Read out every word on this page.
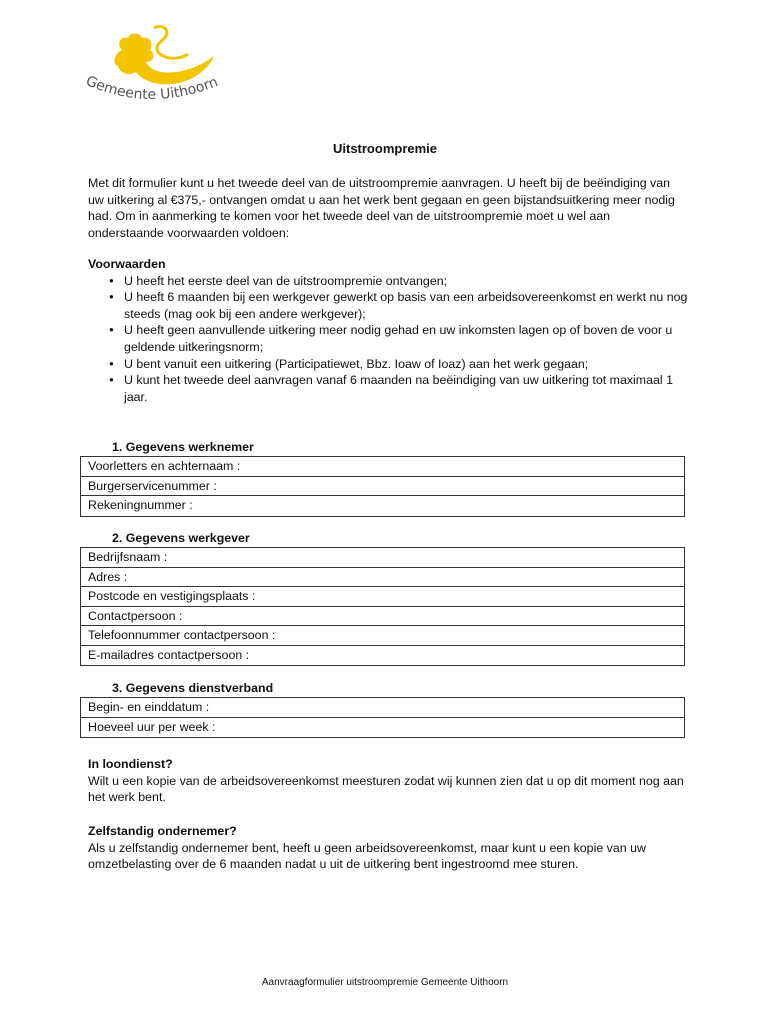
Gemeente Uithoorn
Uitstroompremie

Met dit formulier kunt u het tweede deel van de uitstroompremie aanvragen. U heeft bij de beëindiging van uw uitkering al €375,- ontvangen omdat u aan het werk bent gegaan en geen bijstandsuitkering meer nodig had. Om in aanmerking te komen voor het tweede deel van de uitstroompremie moet u wel aan onderstaande voorwaarden voldoen:

Voorwaarden
● U heeft het eerste deel van de uitstroompremie ontvangen;
● U heeft 6 maanden bij een werkgever gewerkt op basis van een arbeidsovereenkomst en werkt nu nog steeds (mag ook bij een andere werkgever);
● U heeft geen aanvullende uitkering meer nodig gehad en uw inkomsten lagen op of boven de voor u geldende uitkeringsnorm;
● U bent vanuit een uitkering (Participatiewet, Bbz. Ioaw of Ioaz) aan het werk gegaan;
● U kunt het tweede deel aanvragen vanaf 6 maanden na beëindiging van uw uitkering tot maximaal 1 jaar.
1. Gegevens werknemer
Voorletters en achternaam :
Burgerservicenummer :
Rekeningnummer :
2. Gegevens werkgever
Bedrijfsnaam :
Adres :
Postcode en vestigingsplaats :
Contactpersoon :
Telefoonnummer contactpersoon :
E-mailadres contactpersoon :
3. Gegevens dienstverband
Begin- en einddatum :
Hoeveel uur per week :

In loondienst?

Wilt u een kopie van de arbeidsovereenkomst meesturen zodat wij kunnen zien dat u op dit moment nog aan het werk bent.

Zelfstandig ondernemer?

Als u zelfstandig ondernemer bent, heeft u geen arbeidsovereenkomst, maar kunt u een kopie van uw omzetbelasting over de 6 maanden nadat u uit de uitkering bent ingestroomd mee sturen.

Aanvraagformulier uitstroompremie Gemeente Uithoorn
